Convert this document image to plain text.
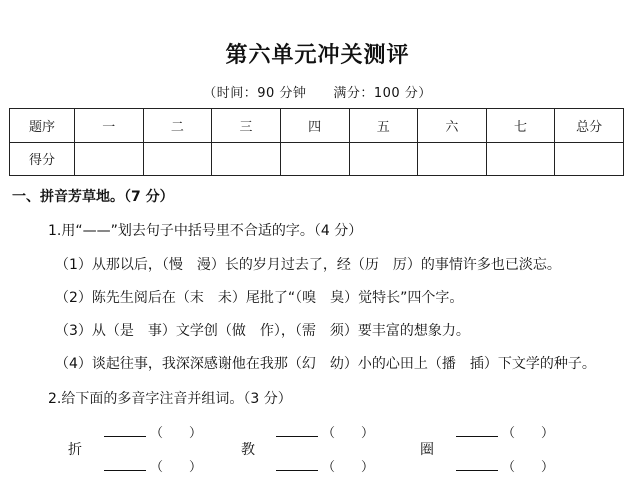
第六单元冲关测评
（时间：90 分钟　　满分：100 分）
题序	一	二	三	四	五	六	七	总分
得分								
一、拼音芳草地。（7 分）
1.用“——”划去句子中括号里不合适的字。（4 分）
（1）从那以后，（慢　漫）长的岁月过去了，经（历　厉）的事情许多也已淡忘。
（2）陈先生阅后在（末　未）尾批了“（嗅　臭）觉特长”四个字。
（3）从（是　事）文学创（做　作），（需　须）要丰富的想象力。
（4）谈起往事，我深深感谢他在我那（幻　幼）小的心田上（播　插）下文学的种子。
2.给下面的多音字注音并组词。（3 分）
折
（　　）
（　　）
教
（　　）
（　　）
圈
（　　）
（　　）
